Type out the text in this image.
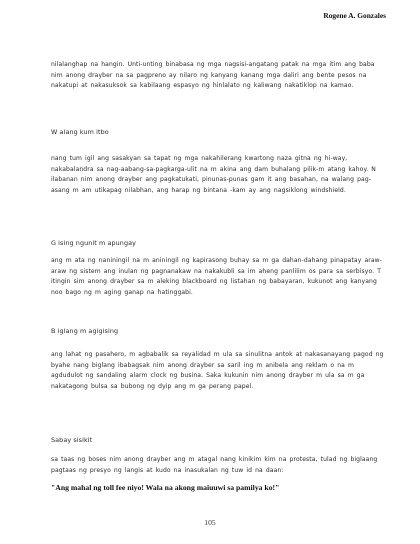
Rogene A. Gonzales
nilalanghap na hangin. Unti-unting binabasa ng mga nagsisi-angatang patak na mga itim ang baba nim anong drayber na sa pagpreno ay nilaro ng kanyang kanang mga daliri ang bente pesos na nakatupi at nakasuksok sa kabilaang espasyo ng hinlalato ng kaliwang nakatiklop na kamao.
W alang kum itbo
nang tum igil ang sasakyan sa tapat ng mga nakahilerang kwartong naza gitna ng hi-way, nakabalandra sa nag-aabang-sa-pagkarga-ulit na m akina ang dam buhalang pilik-m atang kahoy. N ilabanan nim anong drayber ang pagkatukati, pinunas-punas gam it ang basahan, na walang pag-asang m am utikapag nilabhan, ang harap ng bintana -kam ay ang nagsiklong windshield.
G ising ngunit m apungay
ang m ata ng naniningil na m aniningil ng kapirasong buhay sa m ga dahan-dahang pinapatay araw-araw ng sistem ang inulan ng pagnanakaw na nakakubli sa im aheng panlilim os para sa serbisyo. T itingin sim anong drayber sa m aleking blackboard ng listahan ng babayaran, kukunot ang kanyang noo bago ng m aging ganap na hatinggabi.
B iglang m agigising
ang lahat ng pasahero, m agbabalik sa reyalidad m ula sa sinulitna antok at nakasanayang pagod ng byahe nang biglang ibabagsak nim anong drayber sa saril ing m anibela ang reklam o na m agdudulot ng sandaling alarm clock ng busina. Saka kukunin nim anong drayber m ula sa m ga nakatagong bulsa sa bubong ng dyip ang m ga perang papel.
Sabay sisikit
sa taas ng boses nim anong drayber ang m atagal nang kinikim kim na protesta, tulad ng biglaang pagtaas ng presyo ng langis at kudo na inasukalan ng tuw id na daan:
"Ang mahal ng toll fee niyo! Wala na akong maiuuwi sa pamilya ko!"
105
